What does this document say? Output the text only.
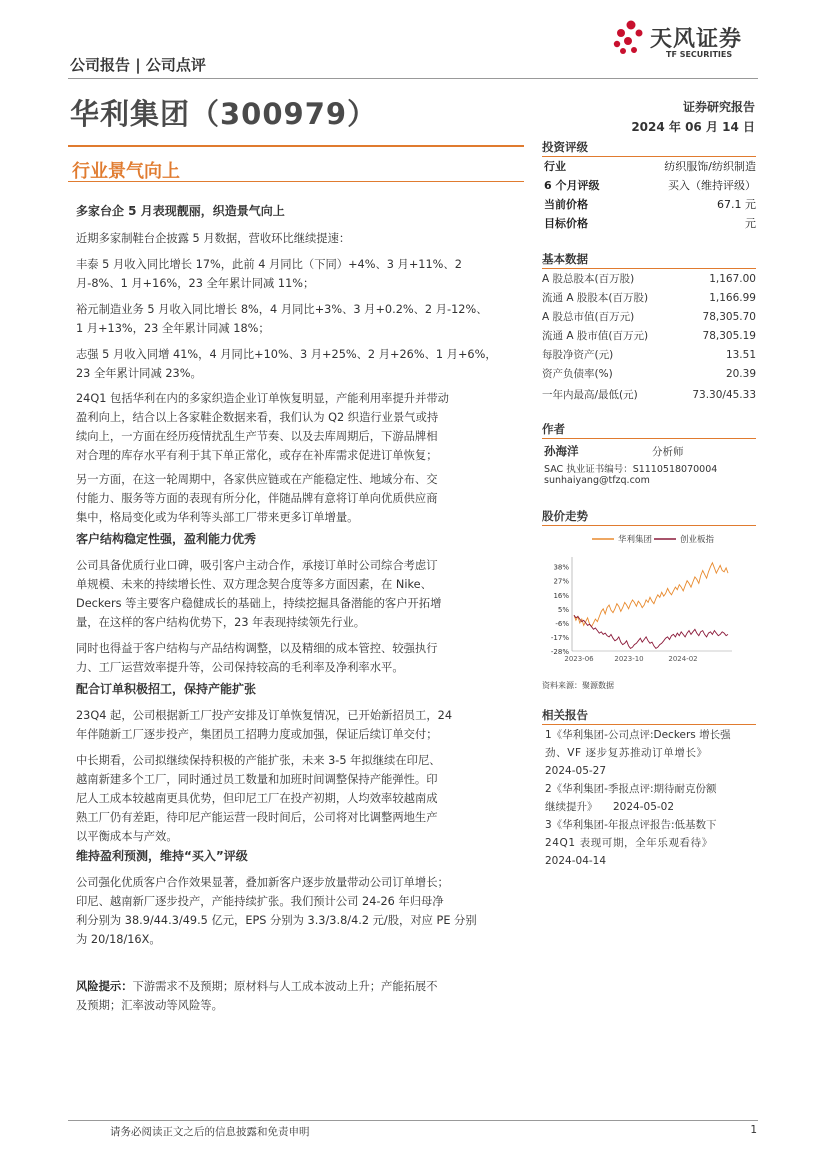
天风证券
TF SECURITIES
公司报告 | 公司点评
华利集团（300979）	证券研究报告
2024 年 06 月 14 日
行业景气向上
多家台企 5 月表现靓丽，织造景气向上
近期多家制鞋台企披露 5 月数据，营收环比继续提速：
丰泰 5 月收入同比增长 17%，此前 4 月同比（下同）+4%、3 月+11%、2
月-8%、1 月+16%，23 全年累计同减 11%；
裕元制造业务 5 月收入同比增长 8%，4 月同比+3%、3 月+0.2%、2 月-12%、
1 月+13%，23 全年累计同减 18%；
志强 5 月收入同增 41%，4 月同比+10%、3 月+25%、2 月+26%、1 月+6%，
23 全年累计同减 23%。
24Q1 包括华利在内的多家织造企业订单恢复明显，产能利用率提升并带动
盈利向上，结合以上各家鞋企数据来看，我们认为 Q2 织造行业景气或持
续向上，一方面在经历疫情扰乱生产节奏、以及去库周期后，下游品牌相
对合理的库存水平有利于其下单正常化，或存在补库需求促进订单恢复；
另一方面，在这一轮周期中，各家供应链或在产能稳定性、地域分布、交
付能力、服务等方面的表现有所分化，伴随品牌有意将订单向优质供应商
集中，格局变化或为华利等头部工厂带来更多订单增量。
客户结构稳定性强，盈利能力优秀
公司具备优质行业口碑，吸引客户主动合作，承接订单时公司综合考虑订
单规模、未来的持续增长性、双方理念契合度等多方面因素，在 Nike、
Deckers 等主要客户稳健成长的基础上，持续挖掘具备潜能的客户开拓增
量，在这样的客户结构优势下，23 年表现持续领先行业。
同时也得益于客户结构与产品结构调整，以及精细的成本管控、较强执行
力、工厂运营效率提升等，公司保持较高的毛利率及净利率水平。
配合订单积极招工，保持产能扩张
23Q4 起，公司根据新工厂投产安排及订单恢复情况，已开始新招员工，24
年伴随新工厂逐步投产，集团员工招聘力度或加强，保证后续订单交付；
中长期看，公司拟继续保持积极的产能扩张，未来 3-5 年拟继续在印尼、
越南新建多个工厂，同时通过员工数量和加班时间调整保持产能弹性。印
尼人工成本较越南更具优势，但印尼工厂在投产初期，人均效率较越南成
熟工厂仍有差距，待印尼产能运营一段时间后，公司将对比调整两地生产
以平衡成本与产效。
维持盈利预测，维持“买入”评级
公司强化优质客户合作效果显著，叠加新客户逐步放量带动公司订单增长；
印尼、越南新厂逐步投产，产能持续扩张。我们预计公司 24-26 年归母净
利分别为 38.9/44.3/49.5 亿元，EPS 分别为 3.3/3.8/4.2 元/股，对应 PE 分别
为 20/18/16X。
风险提示：下游需求不及预期；原材料与人工成本波动上升；产能拓展不
及预期；汇率波动等风险等。
投资评级
行业	纺织服饰/纺织制造
6 个月评级	买入（维持评级）
当前价格	67.1 元
目标价格	元
基本数据
A 股总股本(百万股)	1,167.00
流通 A 股股本(百万股)	1,166.99
A 股总市值(百万元)	78,305.70
流通 A 股市值(百万元)	78,305.19
每股净资产(元)	13.51
资产负债率(%)	20.39
一年内最高/最低(元)	73.30/45.33
作者
孙海洋	分析师
SAC 执业证书编号：S1110518070004
sunhaiyang@tfzq.com
股价走势
华利集团	创业板指
38%
27%
16%
5%
-6%
-17%
-28%
2023-06	2023-10	2024-02
资料来源：聚源数据
相关报告
1《华利集团-公司点评:Deckers 增长强
劲、VF 逐步复苏推动订单增长》
2024-05-27
2《华利集团-季报点评:期待耐克份额
继续提升》 2024-05-02
3《华利集团-年报点评报告:低基数下
24Q1 表现可期，全年乐观看待》
2024-04-14
请务必阅读正文之后的信息披露和免责申明	1
